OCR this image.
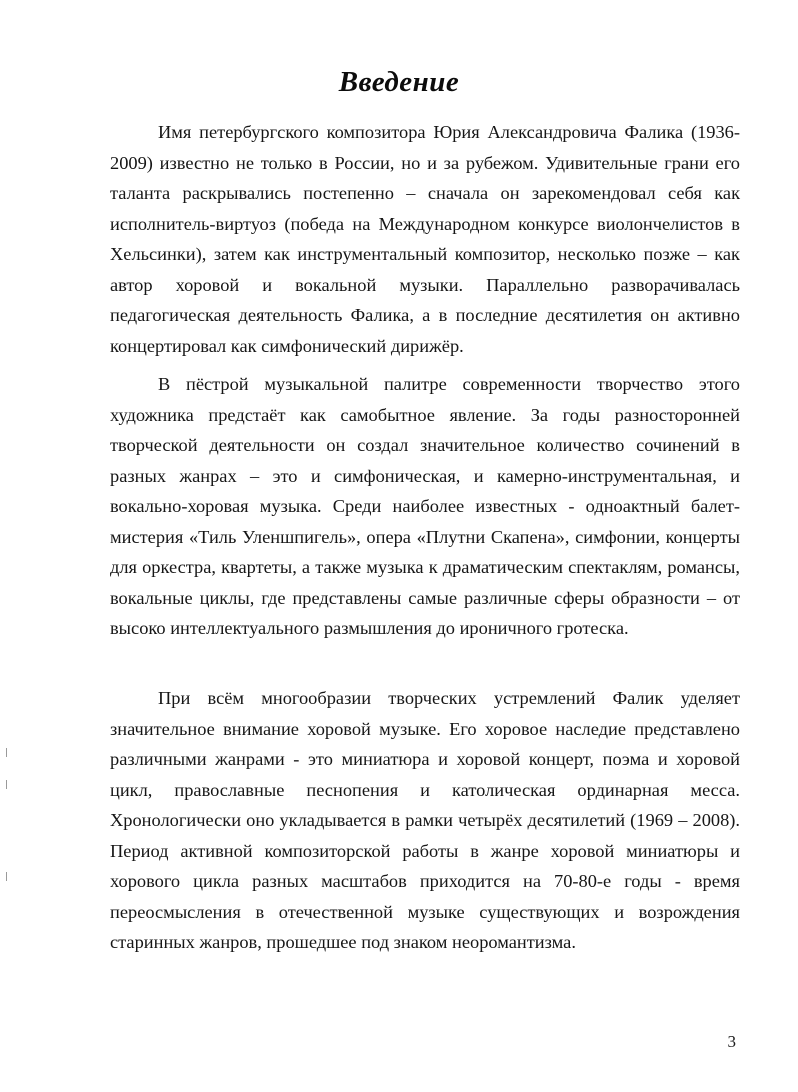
Введение

Имя петербургского композитора Юрия Александровича Фалика (1936-2009) известно не только в России, но и за рубежом. Удивительные грани его таланта раскрывались постепенно – сначала он зарекомендовал себя как исполнитель-виртуоз (победа на Международном конкурсе виолончелистов в Хельсинки), затем как инструментальный композитор, несколько позже – как автор хоровой и вокальной музыки. Параллельно разворачивалась педагогическая деятельность Фалика, а в последние десятилетия он активно концертировал как симфонический дирижёр.

В пёстрой музыкальной палитре современности творчество этого художника предстаёт как самобытное явление. За годы разносторонней творческой деятельности он создал значительное количество сочинений в разных жанрах – это и симфоническая, и камерно-инструментальная, и вокально-хоровая музыка. Среди наиболее известных - одноактный балет-мистерия «Тиль Уленшпигель», опера «Плутни Скапена», симфонии, концерты для оркестра, квартеты, а также музыка к драматическим спектаклям, романсы, вокальные циклы, где представлены самые различные сферы образности – от высоко интеллектуального размышления до ироничного гротеска.

При всём многообразии творческих устремлений Фалик уделяет значительное внимание хоровой музыке. Его хоровое наследие представлено различными жанрами - это миниатюра и хоровой концерт, поэма и хоровой цикл, православные песнопения и католическая ординарная месса. Хронологически оно укладывается в рамки четырёх десятилетий (1969 – 2008). Период активной композиторской работы в жанре хоровой миниатюры и хорового цикла разных масштабов приходится на 70-80-е годы - время переосмысления в отечественной музыке существующих и возрождения старинных жанров, прошедшее под знаком неоромантизма.

3
